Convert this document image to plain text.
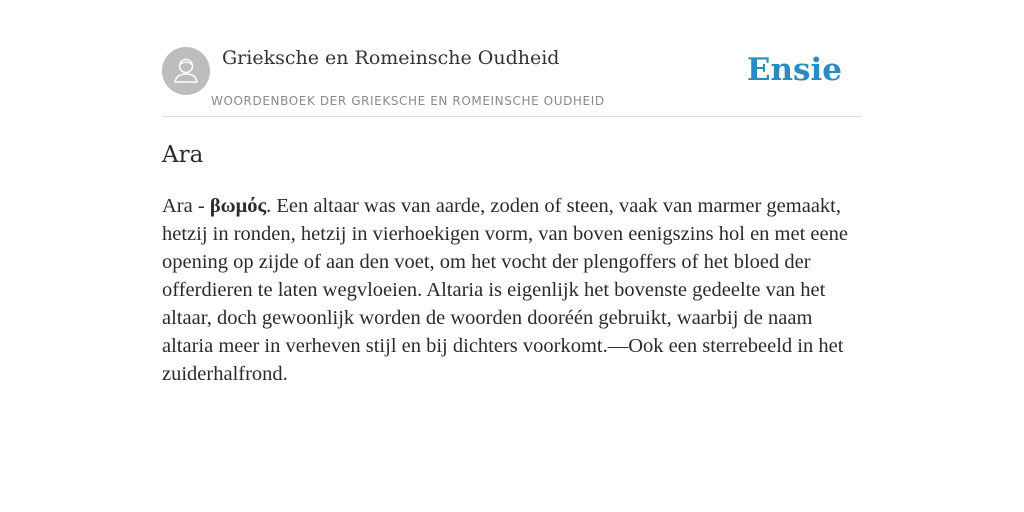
Grieksche en Romeinsche Oudheid
WOORDENBOEK DER GRIEKSCHE EN ROMEINSCHE OUDHEID
Ensie
Ara

Ara - βωμός. Een altaar was van aarde, zoden of steen, vaak van marmer gemaakt, hetzij in ronden, hetzij in vierhoekigen vorm, van boven eenigszins hol en met eene opening op zijde of aan den voet, om het vocht der plengoffers of het bloed der offerdieren te laten wegvloeien. Altaria is eigenlijk het bovenste gedeelte van het altaar, doch gewoonlijk worden de woorden dooréén gebruikt, waarbij de naam altaria meer in verheven stijl en bij dichters voorkomt.—Ook een sterrebeeld in het zuiderhalfrond.
